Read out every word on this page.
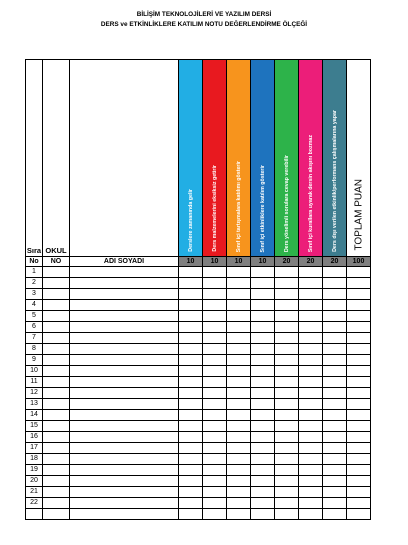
BİLİŞİM TEKNOLOJİLERİ VE YAZILIM DERSİ
DERS ve ETKİNLİKLERE KATILIM NOTU DEĞERLENDİRME ÖLÇEĞİ
Sıra	OKUL		Derslere zamanında gelir	Ders malzemelerini eksiksiz getirir	Sınıf içi tartışmalara katılımı gösterir	Sınıf içi etkinliklere katılım gösterir	Ders yönelimli sorulara cevap verebilir	Sınıf içi kurallara uyarak dersin akışını bozmaz	Ders dışı verilen etkinlik/performans çalışmalarına yapar	TOPLAM PUAN

No	NO	ADI SOYADI	10	10	10	10	20	20	20	100
1										
2										
3										
4										
5										
6										
7										
8										
9										
10										
11										
12										
13										
14										
15										
16										
17										
18										
19										
20										
21										
22										
